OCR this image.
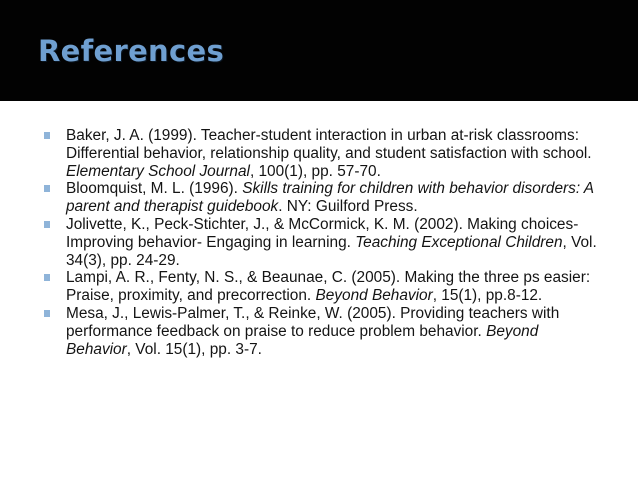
References
Baker, J. A. (1999). Teacher-student interaction in urban at-risk classrooms: Differential behavior, relationship quality, and student satisfaction with school. Elementary School Journal, 100(1), pp. 57-70.
Bloomquist, M. L. (1996). Skills training for children with behavior disorders: A parent and therapist guidebook. NY: Guilford Press.
Jolivette, K., Peck-Stichter, J., & McCormick, K. M. (2002). Making choices- Improving behavior- Engaging in learning. Teaching Exceptional Children, Vol. 34(3), pp. 24-29.
Lampi, A. R., Fenty, N. S., & Beaunae, C. (2005). Making the three ps easier: Praise, proximity, and precorrection. Beyond Behavior, 15(1), pp.8-12.
Mesa, J., Lewis-Palmer, T., & Reinke, W. (2005). Providing teachers with performance feedback on praise to reduce problem behavior. Beyond Behavior, Vol. 15(1), pp. 3-7.
